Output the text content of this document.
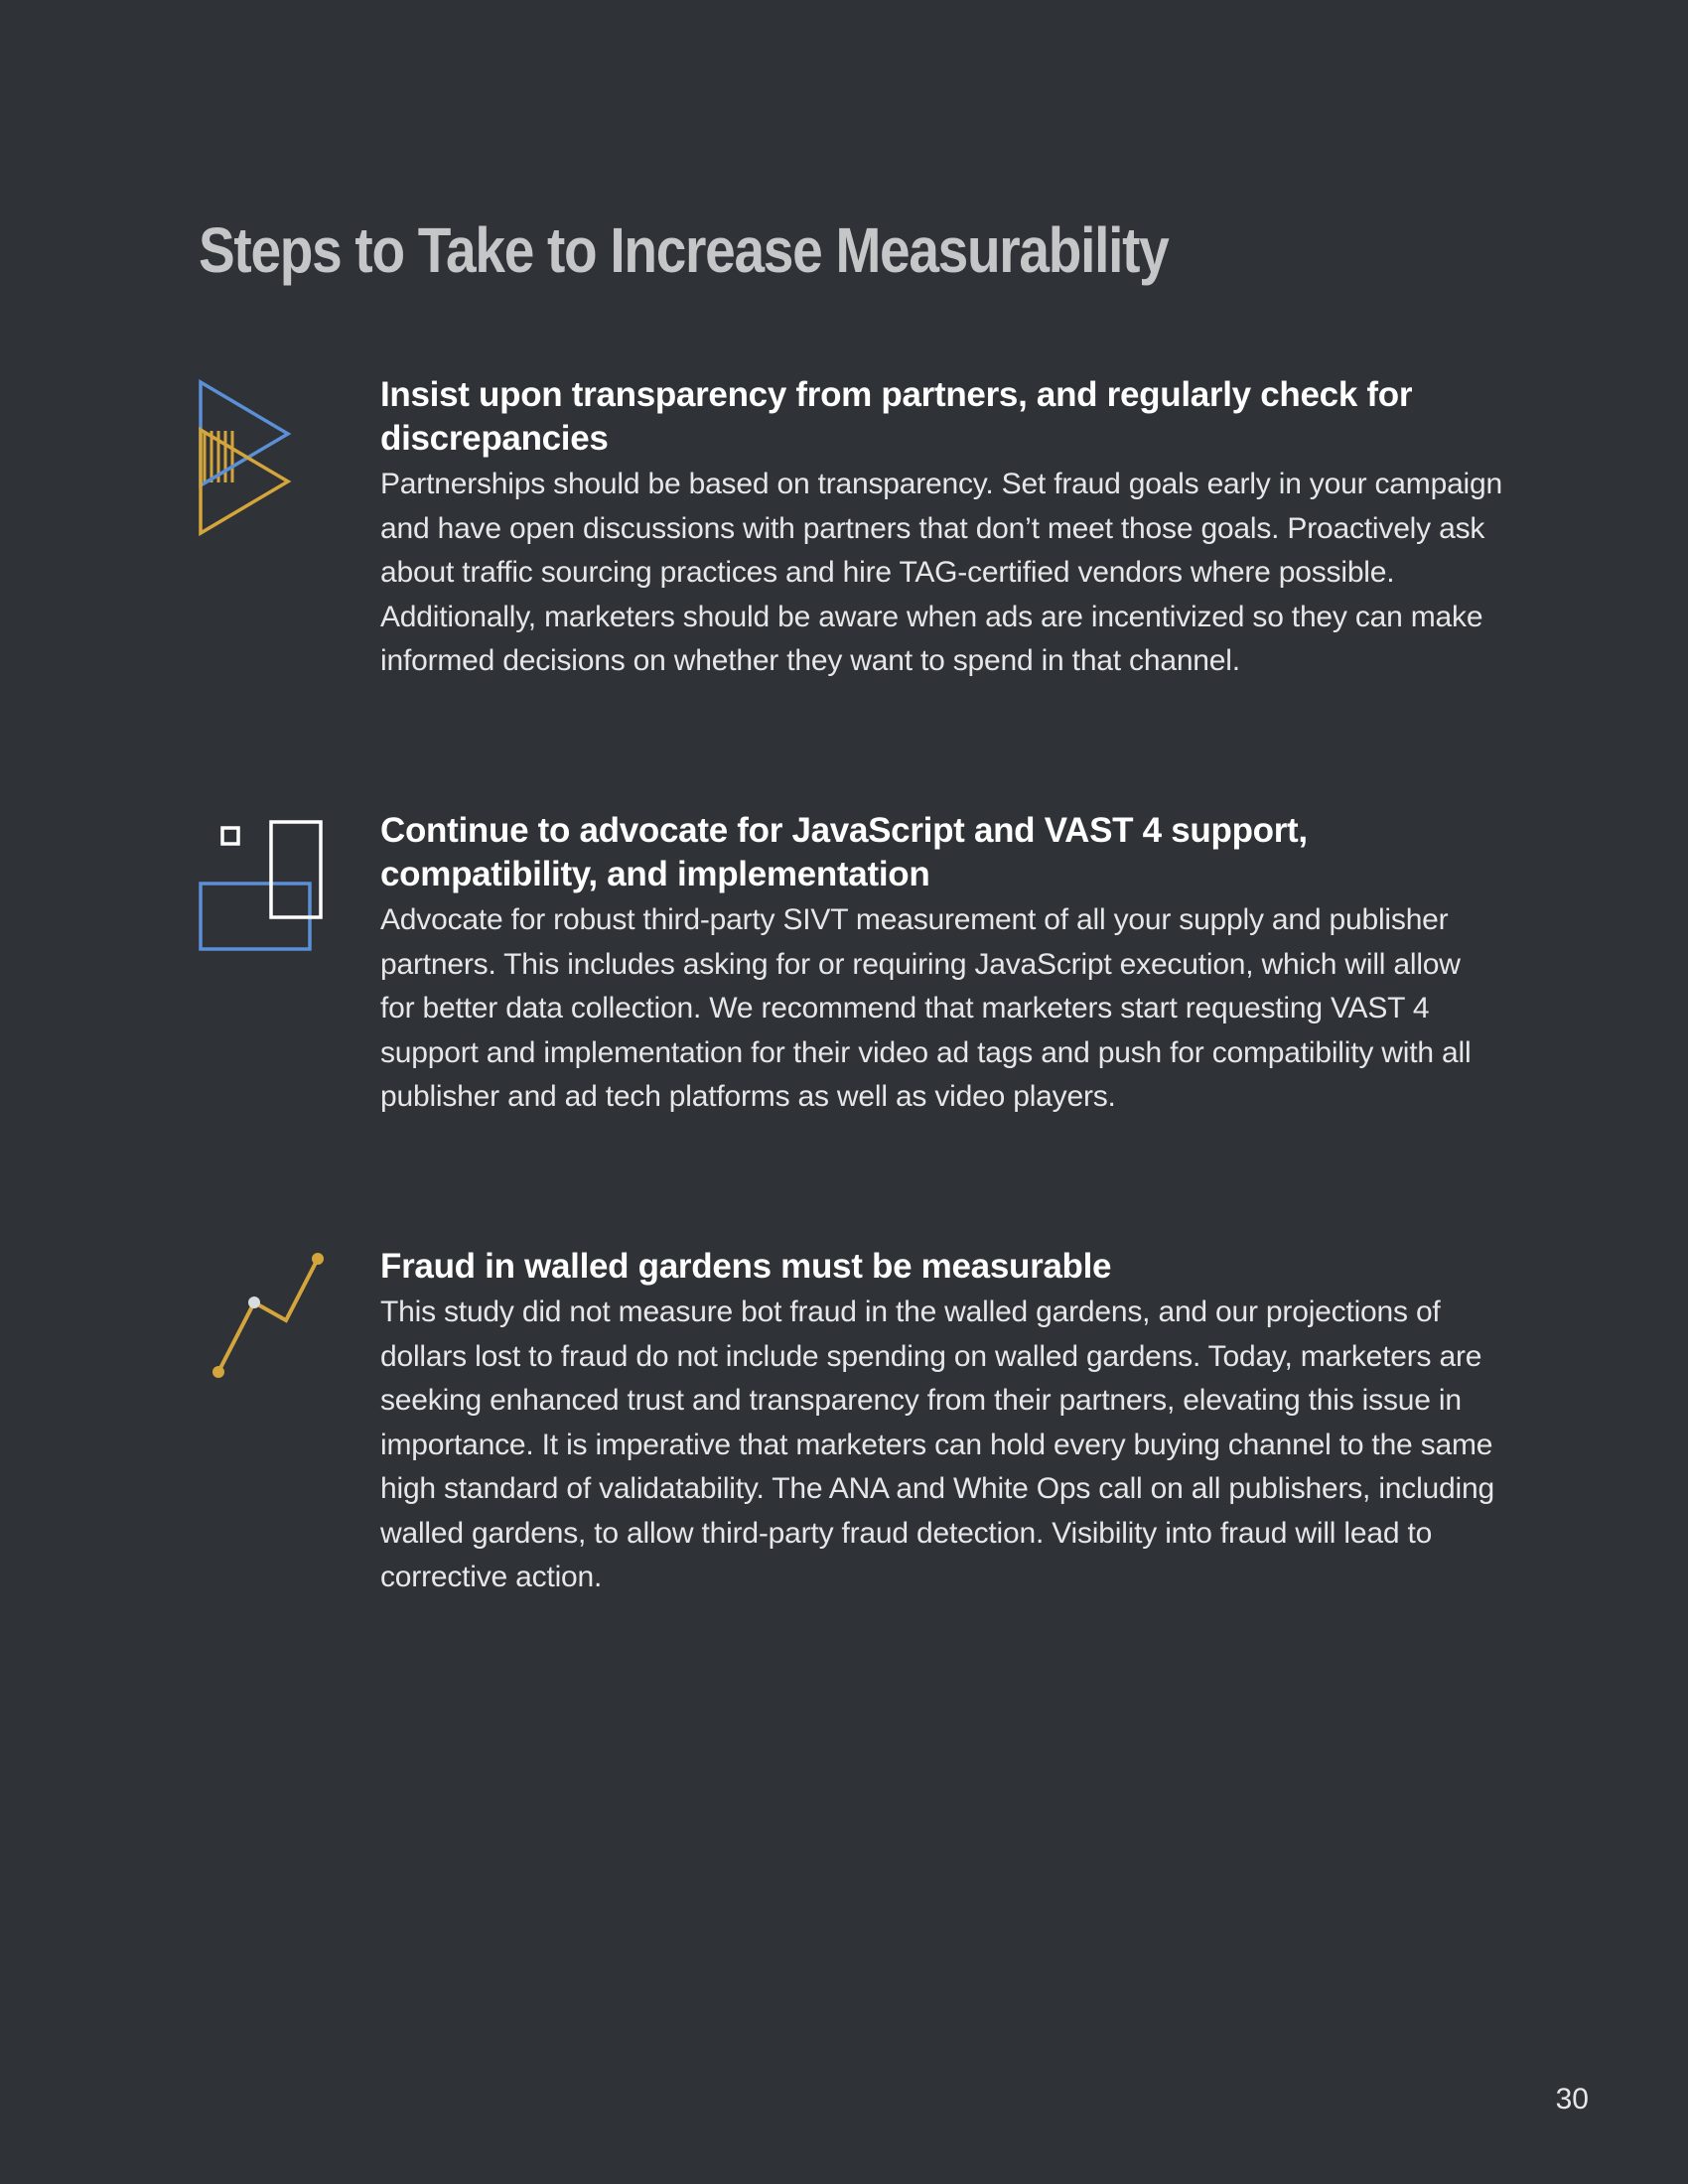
Steps to Take to Increase Measurability
Insist upon transparency from partners, and regularly check for discrepancies

Partnerships should be based on transparency. Set fraud goals early in your campaign and have open discussions with partners that don’t meet those goals. Proactively ask about traffic sourcing practices and hire TAG-certified vendors where possible. Additionally, marketers should be aware when ads are incentivized so they can make informed decisions on whether they want to spend in that channel.

Continue to advocate for JavaScript and VAST 4 support, compatibility, and implementation

Advocate for robust third-party SIVT measurement of all your supply and publisher partners. This includes asking for or requiring JavaScript execution, which will allow for better data collection. We recommend that marketers start requesting VAST 4 support and implementation for their video ad tags and push for compatibility with all publisher and ad tech platforms as well as video players.

Fraud in walled gardens must be measurable

This study did not measure bot fraud in the walled gardens, and our projections of dollars lost to fraud do not include spending on walled gardens. Today, marketers are seeking enhanced trust and transparency from their partners, elevating this issue in importance. It is imperative that marketers can hold every buying channel to the same high standard of validatability. The ANA and White Ops call on all publishers, including walled gardens, to allow third-party fraud detection. Visibility into fraud will lead to corrective action.

30
